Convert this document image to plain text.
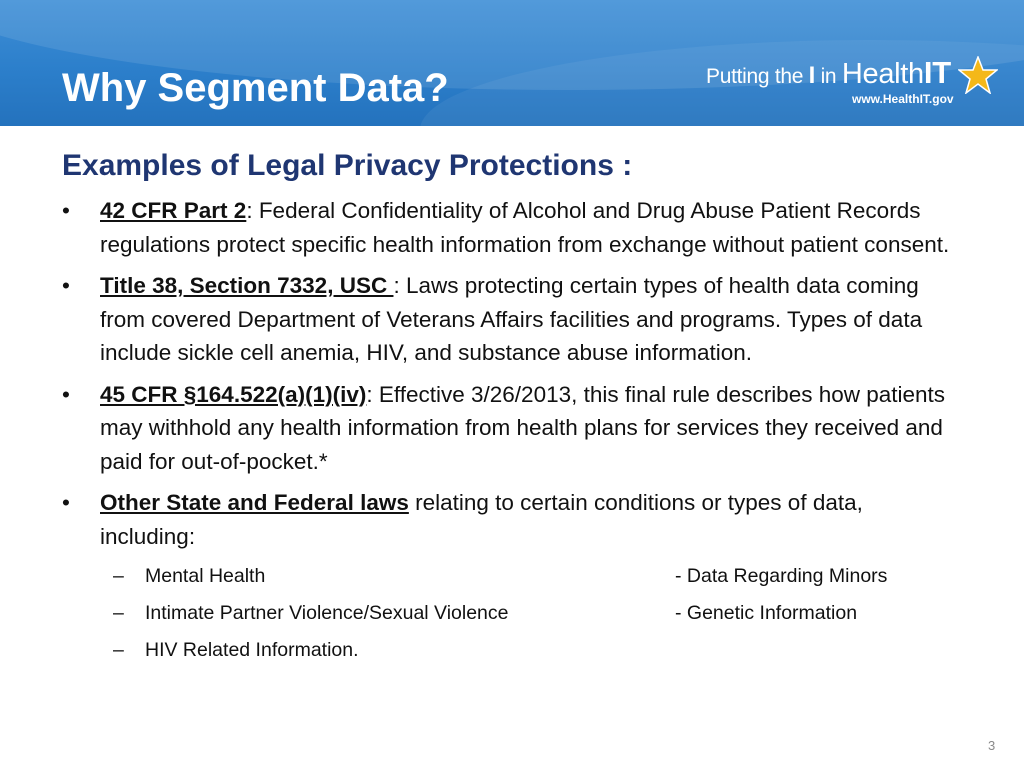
Why Segment Data?	Putting the I in HealthIT
www.HealthIT.gov
Examples of Legal Privacy Protections :
• 42 CFR Part 2: Federal Confidentiality of Alcohol and Drug Abuse Patient Records regulations protect specific health information from exchange without patient consent.
• Title 38, Section 7332, USC : Laws protecting certain types of health data coming from covered Department of Veterans Affairs facilities and programs. Types of data include sickle cell anemia, HIV, and substance abuse information.
• 45 CFR §164.522(a)(1)(iv): Effective 3/26/2013, this final rule describes how patients may withhold any health information from health plans for services they received and paid for out-of-pocket.*
• Other State and Federal laws relating to certain conditions or types of data, including:
– Mental Health	- Data Regarding Minors
– Intimate Partner Violence/Sexual Violence	- Genetic Information
– HIV Related Information.
3
